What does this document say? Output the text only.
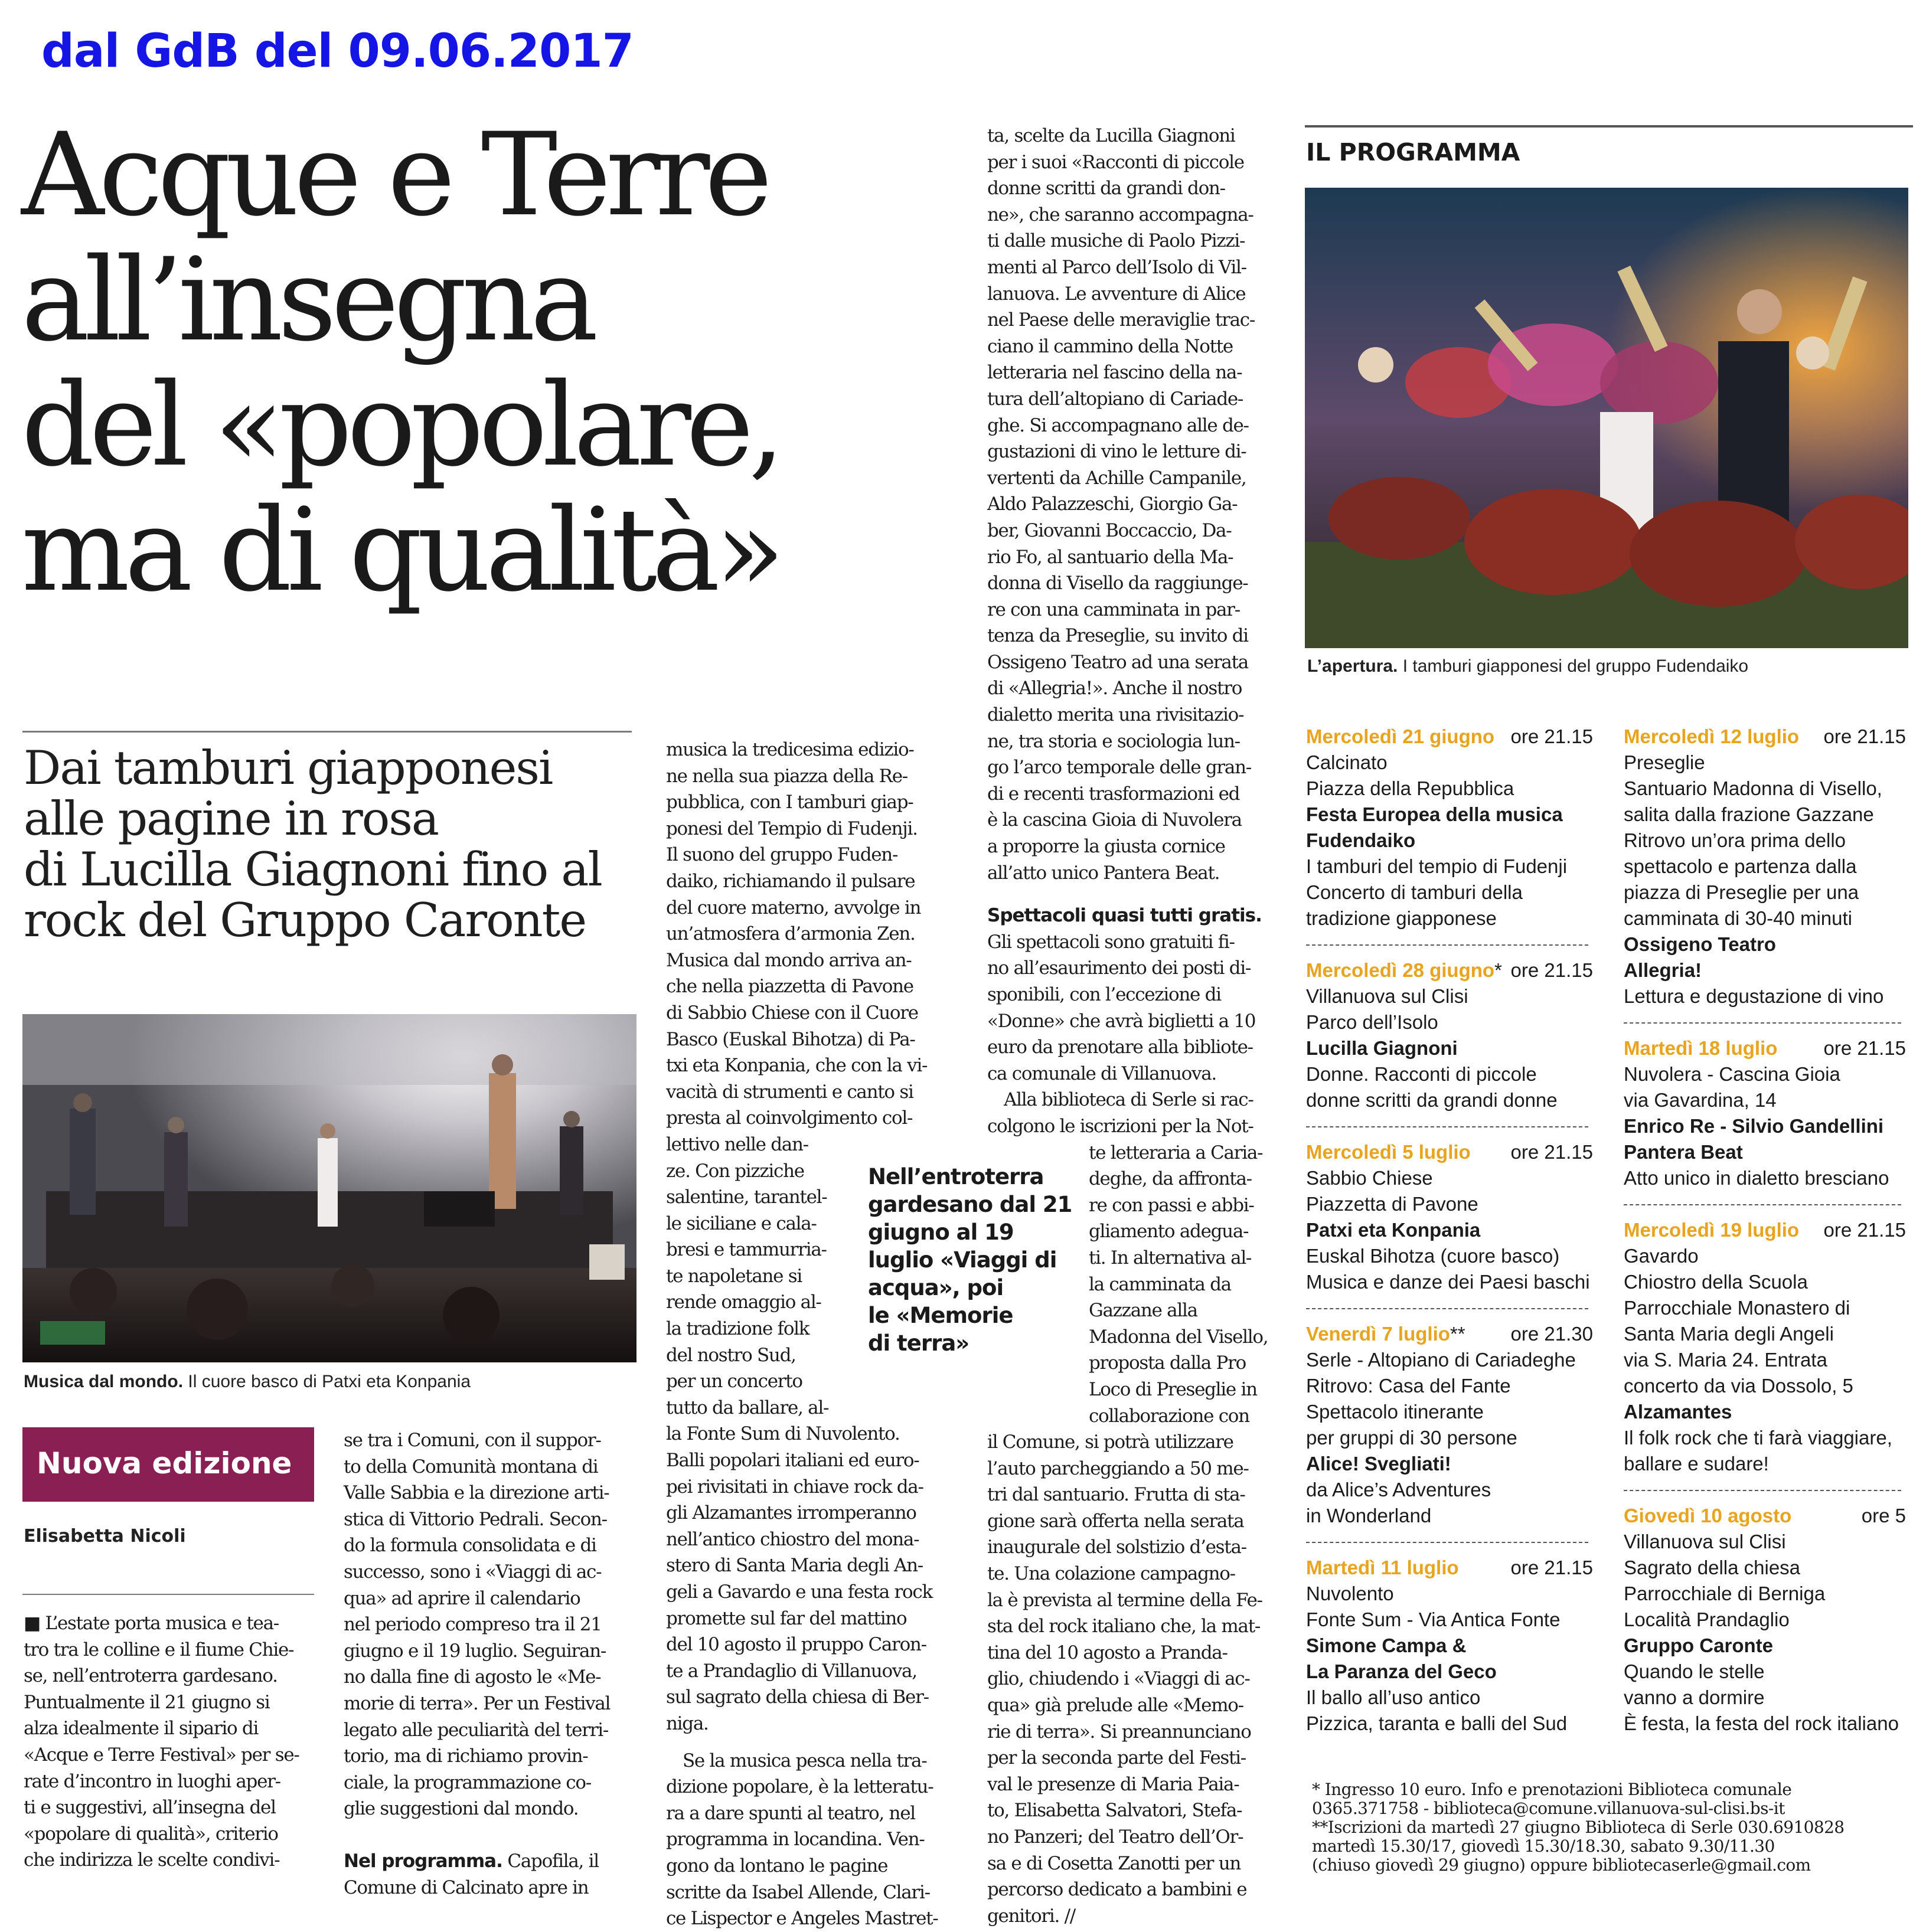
dal GdB del 09.06.2017
Acque e Terre
all’insegna
del «popolare,
ma di qualità»
Dai tamburi giapponesi
alle pagine in rosa
di Lucilla Giagnoni fino al
rock del Gruppo Caronte
Musica dal mondo. Il cuore basco di Patxi eta Konpania
Nuova edizione
Elisabetta Nicoli
■ L’estate porta musica e tea-
tro tra le colline e il fiume Chie-
se, nell’entroterra gardesano.
Puntualmente il 21 giugno si
alza idealmente il sipario di
«Acque e Terre Festival» per se-
rate d’incontro in luoghi aper-
ti e suggestivi, all’insegna del
«popolare di qualità», criterio
che indirizza le scelte condivi-
se tra i Comuni, con il suppor-
to della Comunità montana di
Valle Sabbia e la direzione arti-
stica di Vittorio Pedrali. Secon-
do la formula consolidata e di
successo, sono i «Viaggi di ac-
qua» ad aprire il calendario
nel periodo compreso tra il 21
giugno e il 19 luglio. Seguiran-
no dalla fine di agosto le «Me-
morie di terra». Per un Festival
legato alle peculiarità del terri-
torio, ma di richiamo provin-
ciale, la programmazione co-
glie suggestioni dal mondo.
Nel programma. Capofila, il
Comune di Calcinato apre in
musica la tredicesima edizio-
ne nella sua piazza della Re-
pubblica, con I tamburi giap-
ponesi del Tempio di Fudenji.
Il suono del gruppo Fuden-
daiko, richiamando il pulsare
del cuore materno, avvolge in
un’atmosfera d’armonia Zen.
Musica dal mondo arriva an-
che nella piazzetta di Pavone
di Sabbio Chiese con il Cuore
Basco (Euskal Bihotza) di Pa-
txi eta Konpania, che con la vi-
vacità di strumenti e canto si
presta al coinvolgimento col-
lettivo nelle dan-
ze. Con pizziche
salentine, tarantel-
le siciliane e cala-
bresi e tammurria-
te napoletane si
rende omaggio al-
la tradizione folk
del nostro Sud,
per un concerto
tutto da ballare, al-
la Fonte Sum di Nuvolento.
Balli popolari italiani ed euro-
pei rivisitati in chiave rock da-
gli Alzamantes irromperanno
nell’antico chiostro del mona-
stero di Santa Maria degli An-
geli a Gavardo e una festa rock
promette sul far del mattino
del 10 agosto il pruppo Caron-
te a Prandaglio di Villanuova,
sul sagrato della chiesa di Ber-
niga.
Se la musica pesca nella tra-
dizione popolare, è la letteratu-
ra a dare spunti al teatro, nel
programma in locandina. Ven-
gono da lontano le pagine
scritte da Isabel Allende, Clari-
ce Lispector e Angeles Mastret-
Nell’entroterra
gardesano dal 21
giugno al 19
luglio «Viaggi di
acqua», poi
le «Memorie
di terra»
ta, scelte da Lucilla Giagnoni
per i suoi «Racconti di piccole
donne scritti da grandi don-
ne», che saranno accompagna-
ti dalle musiche di Paolo Pizzi-
menti al Parco dell’Isolo di Vil-
lanuova. Le avventure di Alice
nel Paese delle meraviglie trac-
ciano il cammino della Notte
letteraria nel fascino della na-
tura dell’altopiano di Cariade-
ghe. Si accompagnano alle de-
gustazioni di vino le letture di-
vertenti da Achille Campanile,
Aldo Palazzeschi, Giorgio Ga-
ber, Giovanni Boccaccio, Da-
rio Fo, al santuario della Ma-
donna di Visello da raggiunge-
re con una camminata in par-
tenza da Preseglie, su invito di
Ossigeno Teatro ad una serata
di «Allegria!». Anche il nostro
dialetto merita una rivisitazio-
ne, tra storia e sociologia lun-
go l’arco temporale delle gran-
di e recenti trasformazioni ed
è la cascina Gioia di Nuvolera
a proporre la giusta cornice
all’atto unico Pantera Beat.
Spettacoli quasi tutti gratis.
Gli spettacoli sono gratuiti fi-
no all’esaurimento dei posti di-
sponibili, con l’eccezione di
«Donne» che avrà biglietti a 10
euro da prenotare alla bibliote-
ca comunale di Villanuova.
Alla biblioteca di Serle si rac-
colgono le iscrizioni per la Not-
te letteraria a Caria-
deghe, da affronta-
re con passi e abbi-
gliamento adegua-
ti. In alternativa al-
la camminata da
Gazzane alla
Madonna del Visello,
proposta dalla Pro
Loco di Preseglie in
collaborazione con
il Comune, si potrà utilizzare
l’auto parcheggiando a 50 me-
tri dal santuario. Frutta di sta-
gione sarà offerta nella serata
inaugurale del solstizio d’esta-
te. Una colazione campagno-
la è prevista al termine della Fe-
sta del rock italiano che, la mat-
tina del 10 agosto a Pranda-
glio, chiudendo i «Viaggi di ac-
qua» già prelude alle «Memo-
rie di terra». Si preannunciano
per la seconda parte del Festi-
val le presenze di Maria Paia-
to, Elisabetta Salvatori, Stefa-
no Panzeri; del Teatro dell’Or-
sa e di Cosetta Zanotti per un
percorso dedicato a bambini e
genitori. //
IL PROGRAMMA
L’apertura. I tamburi giapponesi del gruppo Fudendaiko
Mercoledì 21 giugno ore 21.15
Calcinato
Piazza della Repubblica
Festa Europea della musica
Fudendaiko
I tamburi del tempio di Fudenji
Concerto di tamburi della
tradizione giapponese
Mercoledì 28 giugno* ore 21.15
Villanuova sul Clisi
Parco dell’Isolo
Lucilla Giagnoni
Donne. Racconti di piccole
donne scritti da grandi donne
Mercoledì 5 luglio ore 21.15
Sabbio Chiese
Piazzetta di Pavone
Patxi eta Konpania
Euskal Bihotza (cuore basco)
Musica e danze dei Paesi baschi
Venerdì 7 luglio** ore 21.30
Serle - Altopiano di Cariadeghe
Ritrovo: Casa del Fante
Spettacolo itinerante
per gruppi di 30 persone
Alice! Svegliati!
da Alice’s Adventures
in Wonderland
Martedì 11 luglio	ore 21.15
Nuvolento
Fonte Sum - Via Antica Fonte
Simone Campa &
La Paranza del Geco
Il ballo all’uso antico
Pizzica, taranta e balli del Sud
Mercoledì 12 luglio ore 21.15
Preseglie
Santuario Madonna di Visello,
salita dalla frazione Gazzane
Ritrovo un’ora prima dello
spettacolo e partenza dalla
piazza di Preseglie per una
camminata di 30-40 minuti
Ossigeno Teatro
Allegria!
Lettura e degustazione di vino
Martedì 18 luglio ore 21.15
Nuvolera - Cascina Gioia
via Gavardina, 14
Enrico Re - Silvio Gandellini
Pantera Beat
Atto unico in dialetto bresciano
Mercoledì 19 luglio ore 21.15
Gavardo
Chiostro della Scuola
Parrocchiale Monastero di
Santa Maria degli Angeli
via S. Maria 24. Entrata
concerto da via Dossolo, 5
Alzamantes
Il folk rock che ti farà viaggiare,
ballare e sudare!
Giovedì 10 agosto	ore 5
Villanuova sul Clisi
Sagrato della chiesa
Parrocchiale di Berniga
Località Prandaglio
Gruppo Caronte
Quando le stelle
vanno a dormire
È festa, la festa del rock italiano
* Ingresso 10 euro. Info e prenotazioni Biblioteca comunale
0365.371758 - biblioteca@comune.villanuova-sul-clisi.bs-it
**Iscrizioni da martedì 27 giugno Biblioteca di Serle 030.6910828
martedì 15.30/17, giovedì 15.30/18.30, sabato 9.30/11.30
(chiuso giovedì 29 giugno) oppure bibliotecaserle@gmail.com
